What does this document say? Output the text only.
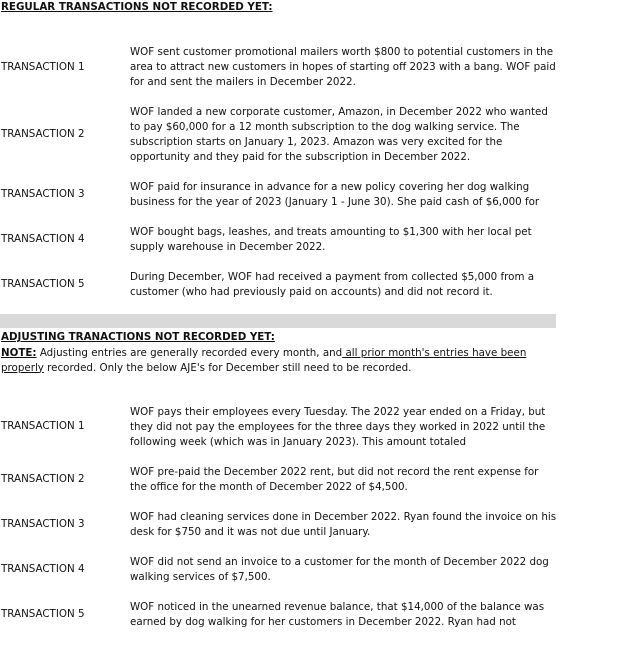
REGULAR TRANSACTIONS NOT RECORDED YET:
TRANSACTION 1
WOF sent customer promotional mailers worth $800 to potential customers in the area to attract new customers in hopes of starting off 2023 with a bang. WOF paid for and sent the mailers in December 2022.
TRANSACTION 2
WOF landed a new corporate customer, Amazon, in December 2022 who wanted to pay $60,000 for a 12 month subscription to the dog walking service. The subscription starts on January 1, 2023. Amazon was very excited for the opportunity and they paid for the subscription in December 2022.
TRANSACTION 3
WOF paid for insurance in advance for a new policy covering her dog walking business for the year of 2023 (January 1 - June 30). She paid cash of $6,000 for
TRANSACTION 4
WOF bought bags, leashes, and treats amounting to $1,300 with her local pet supply warehouse in December 2022.
TRANSACTION 5
During December, WOF had received a payment from collected $5,000 from a customer (who had previously paid on accounts) and did not record it.
ADJUSTING TRANACTIONS NOT RECORDED YET:
NOTE: Adjusting entries are generally recorded every month, and all prior month's entries have been properly recorded. Only the below AJE's for December still need to be recorded.
TRANSACTION 1
WOF pays their employees every Tuesday. The 2022 year ended on a Friday, but they did not pay the employees for the three days they worked in 2022 until the following week (which was in January 2023). This amount totaled
TRANSACTION 2
WOF pre-paid the December 2022 rent, but did not record the rent expense for the office for the month of December 2022 of $4,500.
TRANSACTION 3
WOF had cleaning services done in December 2022. Ryan found the invoice on his desk for $750 and it was not due until January.
TRANSACTION 4
WOF did not send an invoice to a customer for the month of December 2022 dog walking services of $7,500.
TRANSACTION 5
WOF noticed in the unearned revenue balance, that $14,000 of the balance was earned by dog walking for her customers in December 2022. Ryan had not
